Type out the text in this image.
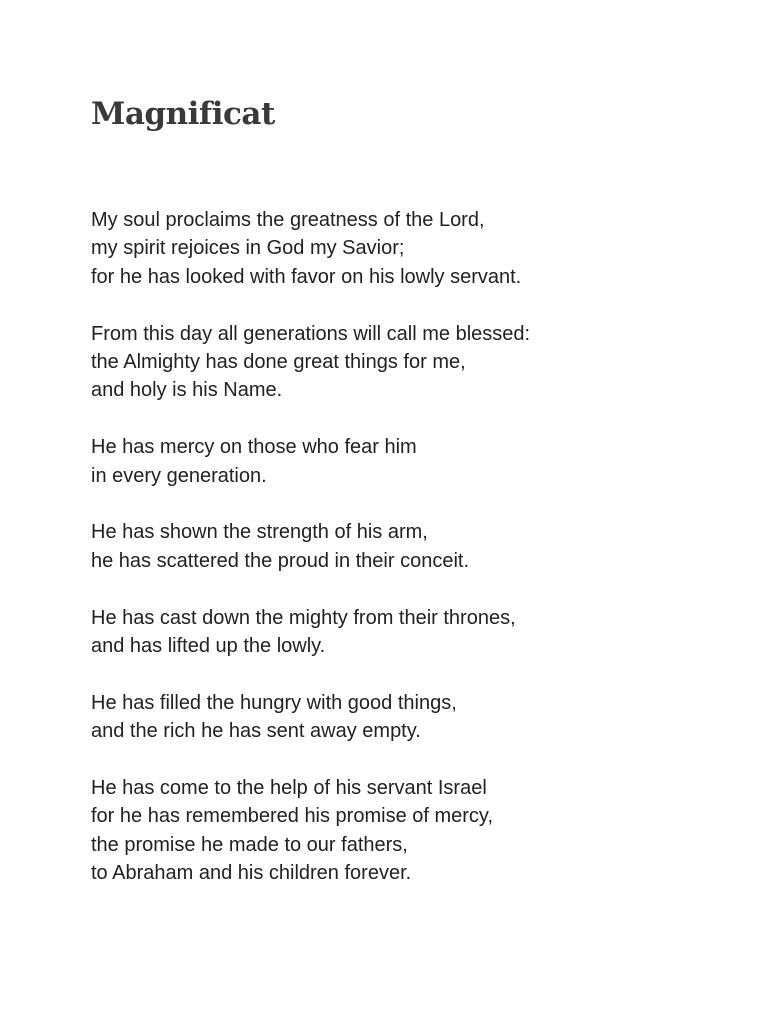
Magnificat

My soul proclaims the greatness of the Lord,
my spirit rejoices in God my Savior;
for he has looked with favor on his lowly servant.

From this day all generations will call me blessed:
the Almighty has done great things for me,
and holy is his Name.

He has mercy on those who fear him
in every generation.

He has shown the strength of his arm,
he has scattered the proud in their conceit.

He has cast down the mighty from their thrones,
and has lifted up the lowly.

He has filled the hungry with good things,
and the rich he has sent away empty.

He has come to the help of his servant Israel
for he has remembered his promise of mercy,
the promise he made to our fathers,
to Abraham and his children forever.
